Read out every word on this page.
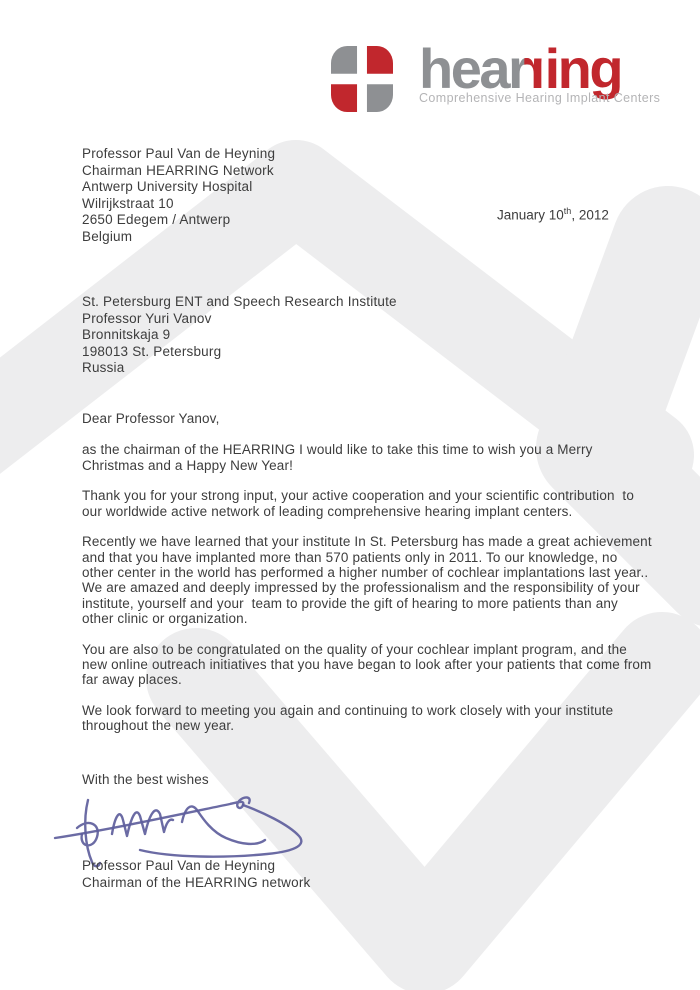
hearring
Comprehensive Hearing Implant Centers
Professor Paul Van de Heyning
Chairman HEARRING Network
Antwerp University Hospital
Wilrijkstraat 10
2650 Edegem / Antwerp
Belgium
January 10th, 2012
St. Petersburg ENT and Speech Research Institute
Professor Yuri Vanov
Bronnitskaja 9
198013 St. Petersburg
Russia
Dear Professor Yanov,
as the chairman of the HEARRING I would like to take this time to wish you a Merry
Christmas and a Happy New Year!
Thank you for your strong input, your active cooperation and your scientific contribution  to
our worldwide active network of leading comprehensive hearing implant centers.
Recently we have learned that your institute In St. Petersburg has made a great achievement
and that you have implanted more than 570 patients only in 2011. To our knowledge, no
other center in the world has performed a higher number of cochlear implantations last year..
We are amazed and deeply impressed by the professionalism and the responsibility of your
institute, yourself and your  team to provide the gift of hearing to more patients than any
other clinic or organization.
You are also to be congratulated on the quality of your cochlear implant program, and the
new online outreach initiatives that you have began to look after your patients that come from
far away places.
We look forward to meeting you again and continuing to work closely with your institute
throughout the new year.
With the best wishes
Professor Paul Van de Heyning
Chairman of the HEARRING network
